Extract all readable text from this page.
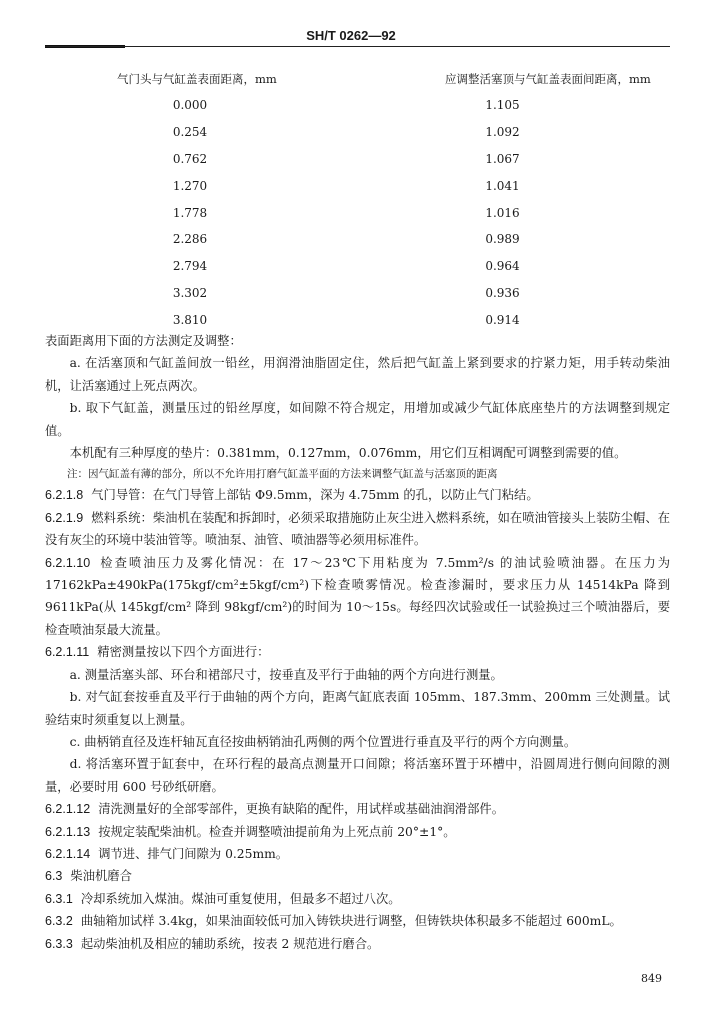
SH/T 0262—92
气门头与气缸盖表面距离，mm	应调整活塞顶与气缸盖表面间距离，mm
0.000	1.105
0.254	1.092
0.762	1.067
1.270	1.041
1.778	1.016
2.286	0.989
2.794	0.964
3.302	0.936
3.810	0.914

表面距离用下面的方法测定及调整：

a. 在活塞顶和气缸盖间放一铅丝，用润滑油脂固定住，然后把气缸盖上紧到要求的拧紧力矩，用手转动柴油机，让活塞通过上死点两次。

b. 取下气缸盖，测量压过的铅丝厚度，如间隙不符合规定，用增加或减少气缸体底座垫片的方法调整到规定值。

本机配有三种厚度的垫片：0.381mm，0.127mm，0.076mm，用它们互相调配可调整到需要的值。

注：因气缸盖有薄的部分，所以不允许用打磨气缸盖平面的方法来调整气缸盖与活塞顶的距离

6.2.1.8 气门导管：在气门导管上部钻 Φ9.5mm，深为 4.75mm 的孔，以防止气门粘结。

6.2.1.9 燃料系统：柴油机在装配和拆卸时，必须采取措施防止灰尘进入燃料系统，如在喷油管接头上装防尘帽、在没有灰尘的环境中装油管等。喷油泵、油管、喷油器等必须用标准件。

6.2.1.10 检查喷油压力及雾化情况：在 17～23℃下用粘度为 7.5mm²/s 的油试验喷油器。在压力为 17162kPa±490kPa(175kgf/cm²±5kgf/cm²)下检查喷雾情况。检查渗漏时，要求压力从 14514kPa 降到 9611kPa(从 145kgf/cm² 降到 98kgf/cm²)的时间为 10～15s。每经四次试验或任一试验换过三个喷油器后，要检查喷油泵最大流量。

6.2.1.11 精密测量按以下四个方面进行：

a. 测量活塞头部、环台和裙部尺寸，按垂直及平行于曲轴的两个方向进行测量。

b. 对气缸套按垂直及平行于曲轴的两个方向，距离气缸底表面 105mm、187.3mm、200mm 三处测量。试验结束时须重复以上测量。

c. 曲柄销直径及连杆轴瓦直径按曲柄销油孔两侧的两个位置进行垂直及平行的两个方向测量。

d. 将活塞环置于缸套中，在环行程的最高点测量开口间隙；将活塞环置于环槽中，沿圆周进行侧向间隙的测量，必要时用 600 号砂纸研磨。

6.2.1.12 清洗测量好的全部零部件，更换有缺陷的配件，用试样或基础油润滑部件。

6.2.1.13 按规定装配柴油机。检查并调整喷油提前角为上死点前 20°±1°。

6.2.1.14 调节进、排气门间隙为 0.25mm。

6.3 柴油机磨合

6.3.1 冷却系统加入煤油。煤油可重复使用，但最多不超过八次。

6.3.2 曲轴箱加试样 3.4kg，如果油面较低可加入铸铁块进行调整，但铸铁块体积最多不能超过 600mL。

6.3.3 起动柴油机及相应的辅助系统，按表 2 规范进行磨合。

849
